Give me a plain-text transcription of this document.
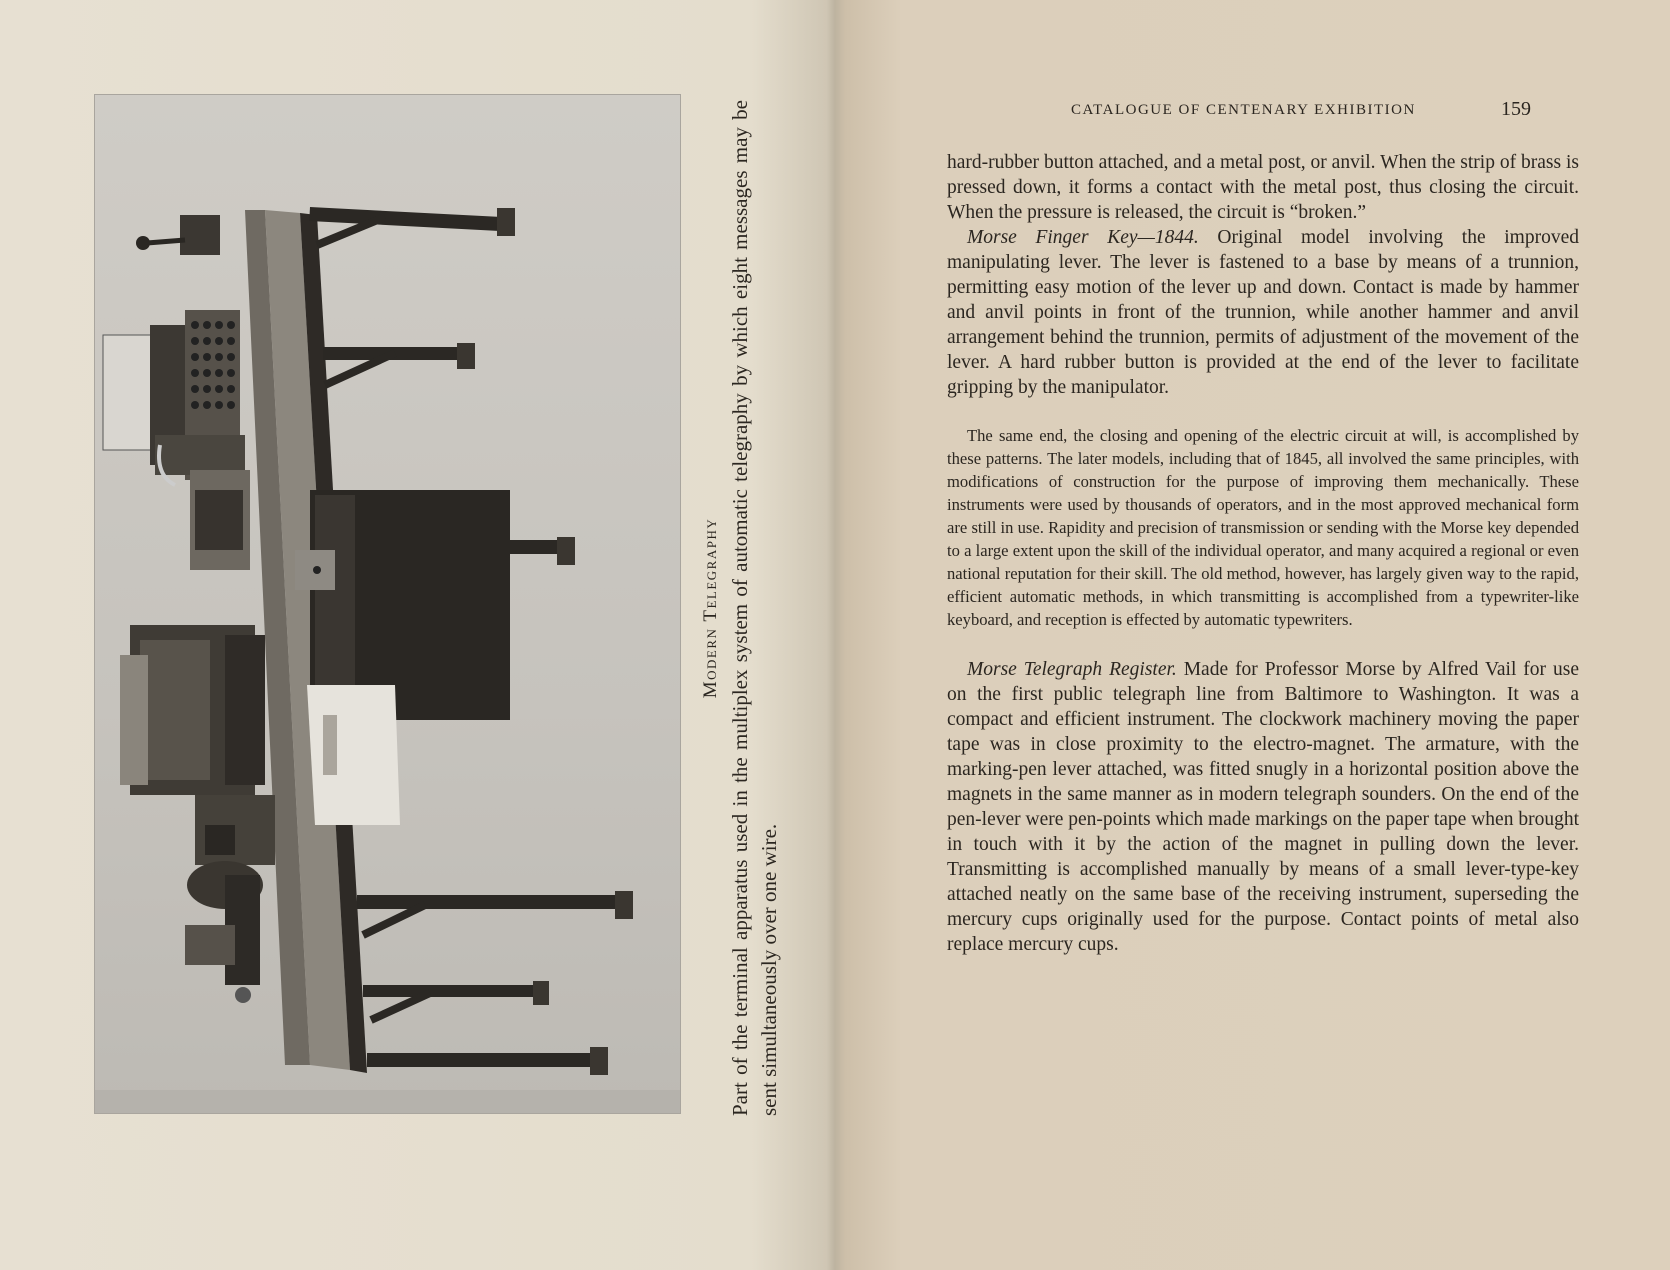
Modern Telegraphy Part of the terminal apparatus used in the multiplex system of automatic telegraphy by which eight messages may be sent simultaneously over one wire.
CATALOGUE OF CENTENARY EXHIBITION	159

hard-rubber button attached, and a metal post, or anvil. When the strip of brass is pressed down, it forms a contact with the metal post, thus closing the circuit. When the pressure is released, the circuit is “broken.”

Morse Finger Key—1844. Original model involving the improved manipulating lever. The lever is fastened to a base by means of a trunnion, permitting easy motion of the lever up and down. Contact is made by hammer and anvil points in front of the trunnion, while another hammer and anvil arrangement behind the trunnion, permits of adjustment of the movement of the lever. A hard rubber button is provided at the end of the lever to facilitate gripping by the manipulator.

The same end, the closing and opening of the electric circuit at will, is accomplished by these patterns. The later models, including that of 1845, all involved the same principles, with modifications of construction for the purpose of improving them mechanically. These instruments were used by thousands of operators, and in the most approved mechanical form are still in use. Rapidity and precision of transmission or sending with the Morse key depended to a large extent upon the skill of the individual operator, and many acquired a regional or even national reputation for their skill. The old method, however, has largely given way to the rapid, efficient automatic methods, in which transmitting is accomplished from a typewriter-like keyboard, and reception is effected by automatic typewriters.

Morse Telegraph Register. Made for Professor Morse by Alfred Vail for use on the first public telegraph line from Baltimore to Washington. It was a compact and efficient instrument. The clockwork machinery moving the paper tape was in close proximity to the electro-magnet. The armature, with the marking-pen lever attached, was fitted snugly in a horizontal position above the magnets in the same manner as in modern telegraph sounders. On the end of the pen-lever were pen-points which made markings on the paper tape when brought in touch with it by the action of the magnet in pulling down the lever. Transmitting is accomplished manually by means of a small lever-type-key attached neatly on the same base of the receiving instrument, superseding the mercury cups originally used for the purpose. Contact points of metal also replace mercury cups.
